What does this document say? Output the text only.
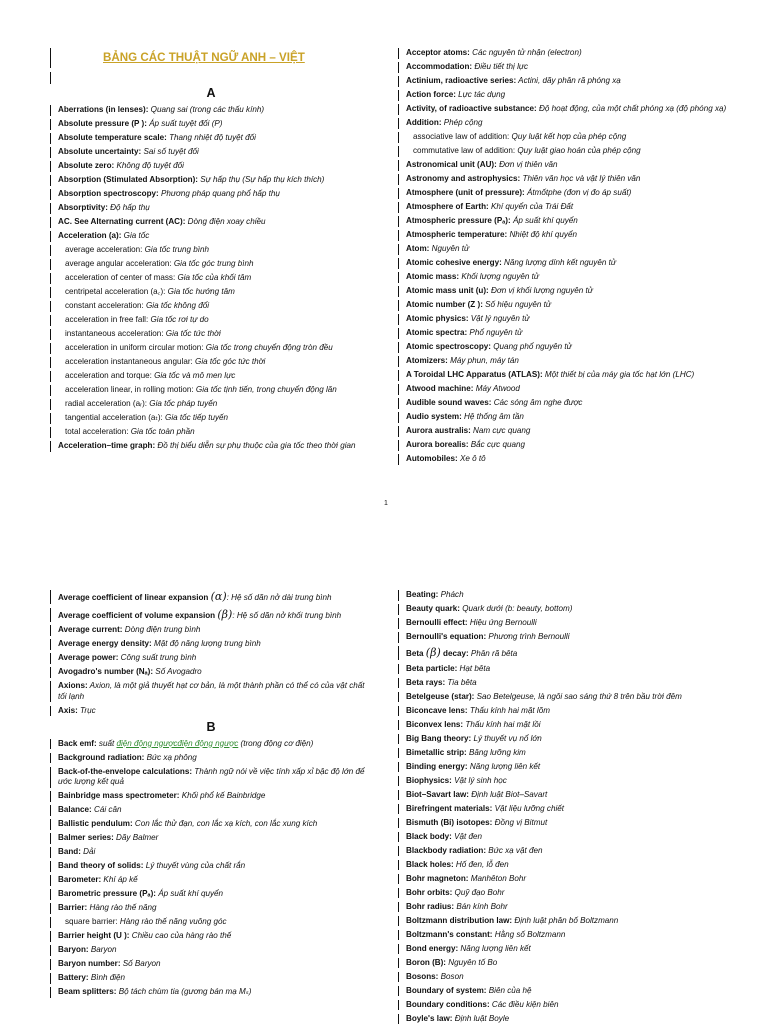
BẢNG CÁC THUẬT NGỮ ANH – VIỆT
A
Aberrations (in lenses): Quang sai (trong các thấu kính)
Absolute pressure (P ): Áp suất tuyệt đối (P)
Absolute temperature scale: Thang nhiệt độ tuyệt đối
Absolute uncertainty: Sai số tuyệt đối
Absolute zero: Không độ tuyệt đối
Absorption (Stimulated Absorption): Sự hấp thụ (Sự hấp thụ kích thích)
Absorption spectroscopy: Phương pháp quang phổ hấp thụ
Absorptivity: Độ hấp thụ
AC. See Alternating current (AC): Dòng điện xoay chiều
Acceleration (a): Gia tốc
average acceleration: Gia tốc trung bình
average angular acceleration: Gia tốc góc trung bình
acceleration of center of mass: Gia tốc của khối tâm
centripetal acceleration (a꜀): Gia tốc hướng tâm
constant acceleration: Gia tốc không đổi
acceleration in free fall: Gia tốc rơi tự do
instantaneous acceleration: Gia tốc tức thời
acceleration in uniform circular motion: Gia tốc trong chuyển động tròn đều
acceleration instantaneous angular: Gia tốc góc tức thời
acceleration and torque: Gia tốc và mô men lực
acceleration linear, in rolling motion: Gia tốc tịnh tiến, trong chuyển động lăn
radial acceleration (aᵣ): Gia tốc pháp tuyến
tangential acceleration (aₜ): Gia tốc tiếp tuyến
total acceleration: Gia tốc toàn phần
Acceleration–time graph: Đồ thị biểu diễn sự phụ thuộc của gia tốc theo thời gian
Acceptor atoms: Các nguyên tử nhận (electron)
Accommodation: Điều tiết thị lực
Actinium, radioactive series: Actini, dãy phân rã phóng xạ
Action force: Lực tác dụng
Activity, of radioactive substance: Độ hoạt động, của một chất phóng xạ (độ phóng xạ)
Addition: Phép cộng
associative law of addition: Quy luật kết hợp của phép cộng
commutative law of addition: Quy luật giao hoán của phép cộng
Astronomical unit (AU): Đơn vị thiên văn
Astronomy and astrophysics: Thiên văn học và vật lý thiên văn
Atmosphere (unit of pressure): Átmốtphe (đơn vị đo áp suất)
Atmosphere of Earth: Khí quyển của Trái Đất
Atmospheric pressure (Pₐ): Áp suất khí quyển
Atmospheric temperature: Nhiệt độ khí quyển
Atom: Nguyên tử
Atomic cohesive energy: Năng lượng dính kết nguyên tử
Atomic mass: Khối lượng nguyên tử
Atomic mass unit (u): Đơn vị khối lượng nguyên tử
Atomic number (Z ): Số hiệu nguyên tử
Atomic physics: Vật lý nguyên tử
Atomic spectra: Phổ nguyên tử
Atomic spectroscopy: Quang phổ nguyên tử
Atomizers: Máy phun, máy tán
A Toroidal LHC Apparatus (ATLAS): Một thiết bị của máy gia tốc hạt lớn (LHC)
Atwood machine: Máy Atwood
Audible sound waves: Các sóng âm nghe được
Audio system: Hệ thống âm tần
Aurora australis: Nam cực quang
Aurora borealis: Bắc cực quang
Automobiles: Xe ô tô
1
Average coefficient of linear expansion (α): Hệ số dãn nở dài trung bình
Average coefficient of volume expansion (β): Hệ số dãn nở khối trung bình
Average current: Dòng điện trung bình
Average energy density: Mật độ năng lượng trung bình
Average power: Công suất trung bình
Avogadro's number (Nₐ): Số Avogadro
Axions: Axion, là một giả thuyết hạt cơ bản, là một thành phần có thể có của vật chất tối lạnh
Axis: Trục
B
Back emf: suất điện động ngượcđiện động ngược (trong động cơ điện)
Background radiation: Bức xạ phông
Back-of-the-envelope calculations: Thành ngữ nói về việc tính xấp xỉ bậc độ lớn để ước lượng kết quả
Bainbridge mass spectrometer: Khối phổ kế Bainbridge
Balance: Cái cân
Ballistic pendulum: Con lắc thử đạn, con lắc xạ kích, con lắc xung kích
Balmer series: Dãy Balmer
Band: Dải
Band theory of solids: Lý thuyết vùng của chất rắn
Barometer: Khí áp kế
Barometric pressure (Pₐ): Áp suất khí quyển
Barrier: Hàng rào thế năng
square barrier: Hàng rào thế năng vuông góc
Barrier height (U ): Chiều cao của hàng rào thế
Baryon: Baryon
Baryon number: Số Baryon
Battery: Bình điện
Beam splitters: Bộ tách chùm tia (gương bán mạ Mₛ)
Beating: Phách
Beauty quark: Quark dưới (b: beauty, bottom)
Bernoulli effect: Hiệu ứng Bernoulli
Bernoulli's equation: Phương trình Bernoulli
Beta (β) decay: Phân rã bêta
Beta particle: Hạt bêta
Beta rays: Tia bêta
Betelgeuse (star): Sao Betelgeuse, là ngôi sao sáng thứ 8 trên bầu trời đêm
Biconcave lens: Thấu kính hai mặt lõm
Biconvex lens: Thấu kính hai mặt lồi
Big Bang theory: Lý thuyết vụ nổ lớn
Bimetallic strip: Băng lưỡng kim
Binding energy: Năng lượng liên kết
Biophysics: Vật lý sinh học
Biot–Savart law: Định luật Biot–Savart
Birefringent materials: Vật liệu lưỡng chiết
Bismuth (Bi) isotopes: Đồng vị Bitmut
Black body: Vật đen
Blackbody radiation: Bức xạ vật đen
Black holes: Hố đen, lỗ đen
Bohr magneton: Manhêton Bohr
Bohr orbits: Quỹ đạo Bohr
Bohr radius: Bán kính Bohr
Boltzmann distribution law: Định luật phân bố Boltzmann
Boltzmann's constant: Hằng số Boltzmann
Bond energy: Năng lượng liên kết
Boron (B): Nguyên tố Bo
Bosons: Boson
Boundary of system: Biên của hệ
Boundary conditions: Các điều kiện biên
Boyle's law: Định luật Boyle
